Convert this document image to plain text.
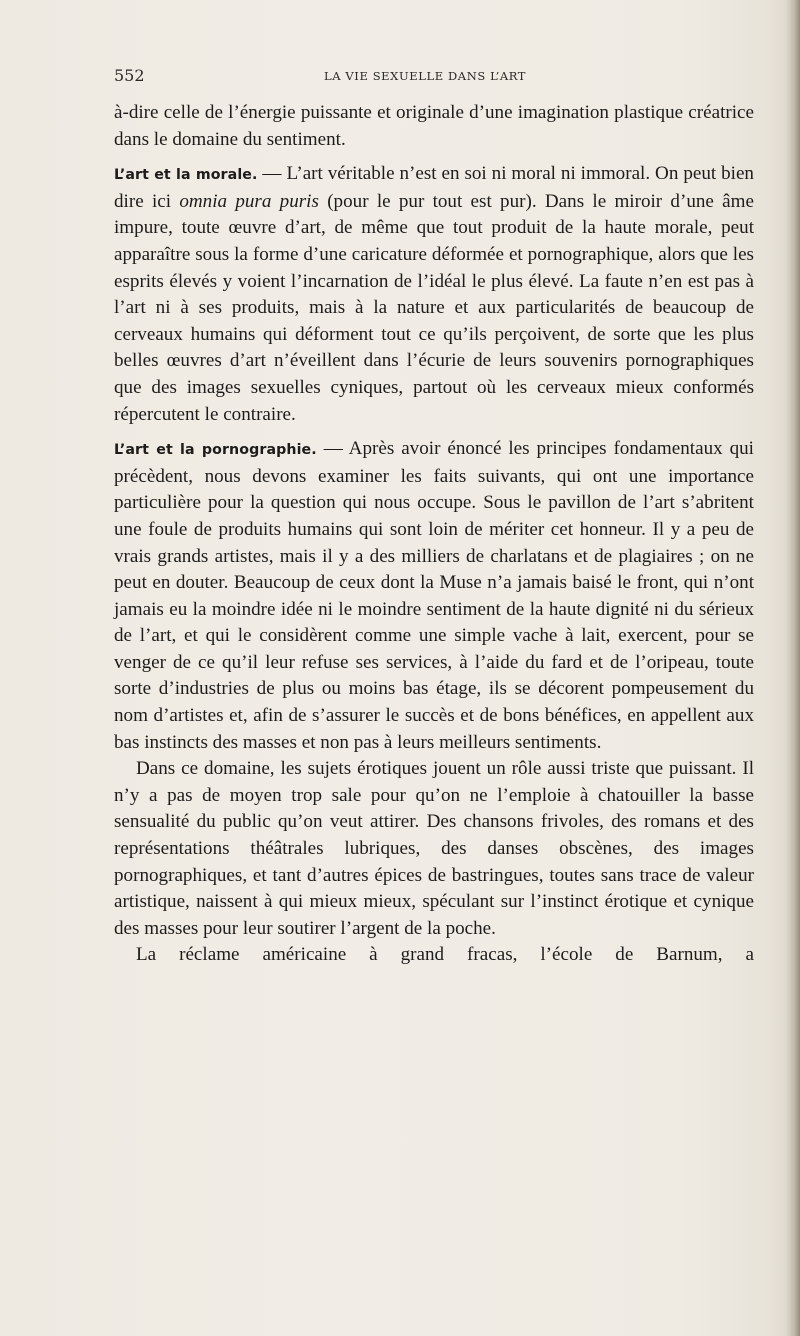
552	LA VIE SEXUELLE DANS L’ART

à-dire celle de l’énergie puissante et originale d’une imagination plastique créatrice dans le domaine du sentiment.

L’art et la morale. — L’art véritable n’est en soi ni moral ni immoral. On peut bien dire ici omnia pura puris (pour le pur tout est pur). Dans le miroir d’une âme impure, toute œuvre d’art, de même que tout produit de la haute morale, peut apparaître sous la forme d’une caricature déformée et pornographique, alors que les esprits élevés y voient l’incarnation de l’idéal le plus élevé. La faute n’en est pas à l’art ni à ses produits, mais à la nature et aux particularités de beaucoup de cerveaux humains qui déforment tout ce qu’ils perçoivent, de sorte que les plus belles œuvres d’art n’éveillent dans l’écurie de leurs souvenirs pornographiques que des images sexuelles cyniques, partout où les cerveaux mieux conformés répercutent le contraire.

L’art et la pornographie. — Après avoir énoncé les principes fondamentaux qui précèdent, nous devons examiner les faits suivants, qui ont une importance particulière pour la question qui nous occupe. Sous le pavillon de l’art s’abritent une foule de produits humains qui sont loin de mériter cet honneur. Il y a peu de vrais grands artistes, mais il y a des milliers de charlatans et de plagiaires ; on ne peut en douter. Beaucoup de ceux dont la Muse n’a jamais baisé le front, qui n’ont jamais eu la moindre idée ni le moindre sentiment de la haute dignité ni du sérieux de l’art, et qui le considèrent comme une simple vache à lait, exercent, pour se venger de ce qu’il leur refuse ses services, à l’aide du fard et de l’oripeau, toute sorte d’industries de plus ou moins bas étage, ils se décorent pompeusement du nom d’artistes et, afin de s’assurer le succès et de bons bénéfices, en appellent aux bas instincts des masses et non pas à leurs meilleurs sentiments.

Dans ce domaine, les sujets érotiques jouent un rôle aussi triste que puissant. Il n’y a pas de moyen trop sale pour qu’on ne l’emploie à chatouiller la basse sensualité du public qu’on veut attirer. Des chansons frivoles, des romans et des représentations théâtrales lubriques, des danses obscènes, des images pornographiques, et tant d’autres épices de bastringues, toutes sans trace de valeur artistique, naissent à qui mieux mieux, spéculant sur l’instinct érotique et cynique des masses pour leur soutirer l’argent de la poche.

La réclame américaine à grand fracas, l’école de Barnum, a
